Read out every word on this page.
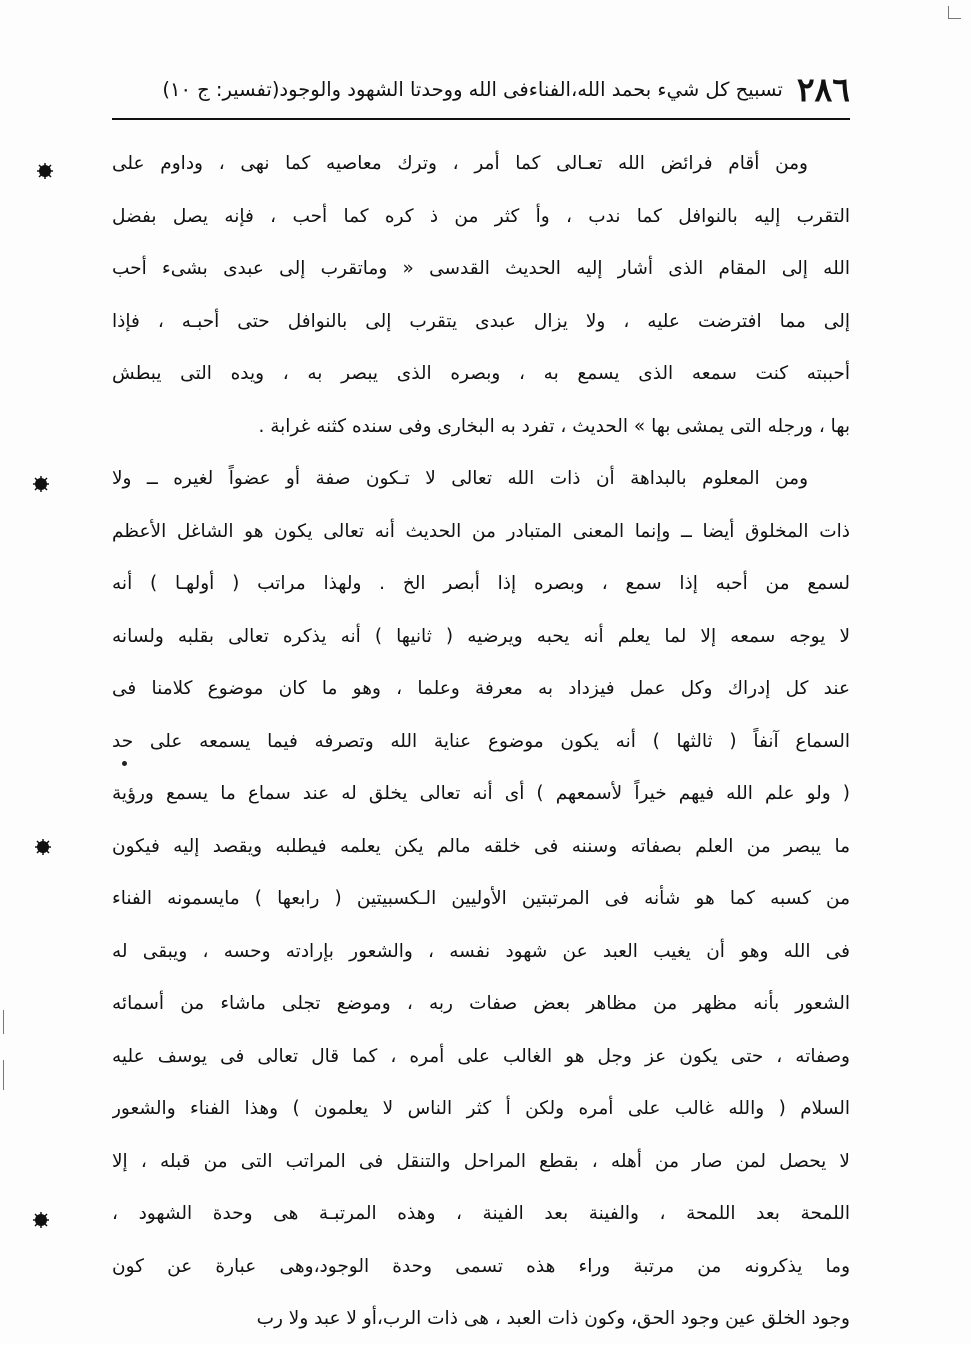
٢٨٦
تسبيح كل شيء بحمد الله،الفناءفى الله ووحدتا الشهود والوجود(تفسير: ج ١٠)
ومن أقام فرائض الله تعـالى كما أمر ، وترك معاصيه كما نهى ، وداوم على
التقرب إليه بالنوافل كما ندب ، وأ كثر من ذ كره كما أحب ، فإنه يصل بفضل
الله إلى المقام الذى أشار إليه الحديث القدسى « وماتقرب إلى عبدى بشىء أحب
إلى مما افترضت عليه ، ولا يزال عبدى يتقرب إلى بالنوافل حتى أحبـه ، فإذا
أحببته كنت سمعه الذى يسمع به ، وبصره الذى يبصر به ، ويده التى يبطش
بها ، ورجله التى يمشى بها » الحديث ، تفرد به البخارى وفى سنده كثنه غرابة .
ومن المعلوم بالبداهة أن ذات الله تعالى لا تـكون صفة أو عضواً لغيره ــ ولا
ذات المخلوق أيضا ــ وإنما المعنى المتبادر من الحديث أنه تعالى يكون هو الشاغل الأعظم
لسمع من أحبه إذا سمع ، وبصره إذا أبصر الخ . ولهذا مراتب ( أولهـا ) أنه
لا يوجه سمعه إلا لما يعلم أنه يحبه ويرضيه ( ثانيها ) أنه يذكره تعالى بقلبه ولسانه
عند كل إدراك وكل عمل فيزداد به معرفة وعلما ، وهو ما كان موضوع كلامنا فى
السماع آنفاً ( ثالثها ) أنه يكون موضوع عناية الله وتصرفه فيما يسمعه على حد
( ولو علم الله فيهم خيراً لأسمعهم ) أى أنه تعالى يخلق له عند سماع ما يسمع ورؤية
ما يبصر من العلم بصفاته وسننه فى خلقه مالم يكن يعلمه فيطلبه ويقصد إليه فيكون
من كسبه كما هو شأنه فى المرتبتين الأوليين الـكسبيتين ( رابعها ) مايسمونه الفناء
فى الله وهو أن يغيب العبد عن شهود نفسه ، والشعور بإرادته وحسه ، ويبقى له
الشعور بأنه مظهر من مظاهر بعض صفات ربه ، وموضع تجلى ماشاء من أسمائه
وصفاته ، حتى يكون عز وجل هو الغالب على أمره ، كما قال تعالى فى يوسف عليه
السلام ( والله غالب على أمره ولكن أ كثر الناس لا يعلمون ) وهذا الفناء والشعور
لا يحصل لمن صار من أهله ، بقطع المراحل والتنقل فى المراتب التى من قبله ، إلا
اللمحة بعد اللمحة ، والفينة بعد الفينة ، وهذه المرتبـة هى وحدة الشهود ،
وما يذكرونه من مرتبة وراء هذه تسمى وحدة الوجود،وهى عبارة عن كون
وجود الخلق عين وجود الحق، وكون ذات العبد ، هى ذات الرب،أو لا عبد ولا رب
